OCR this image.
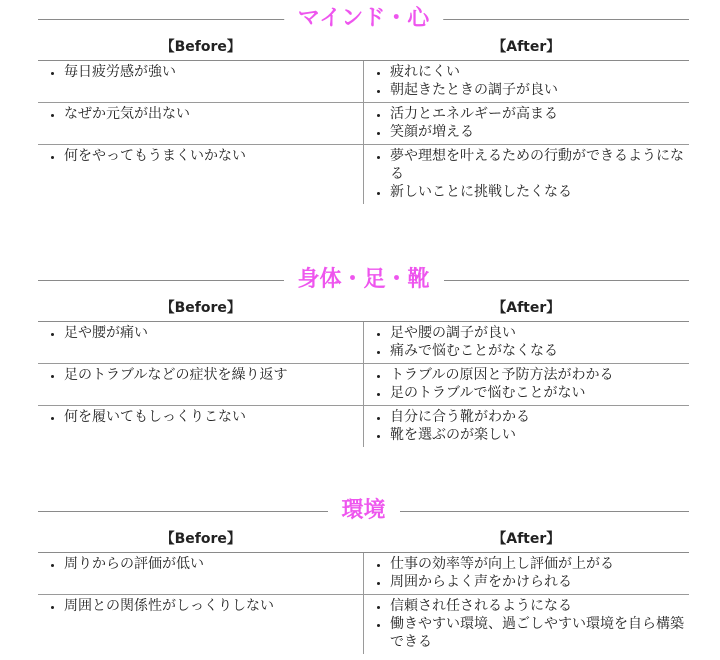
マインド・心
【Before】	【After】
• 毎日疲労感が強い	• 疲れにくい
• 朝起きたときの調子が良い
• なぜか元気が出ない	• 活力とエネルギーが高まる
• 笑顔が増える
• 何をやってもうまくいかない	• 夢や理想を叶えるための行動ができるようになる
• 新しいことに挑戦したくなる
身体・足・靴
【Before】	【After】
• 足や腰が痛い	• 足や腰の調子が良い
• 痛みで悩むことがなくなる
• 足のトラブルなどの症状を繰り返す	• トラブルの原因と予防方法がわかる
• 足のトラブルで悩むことがない
• 何を履いてもしっくりこない	• 自分に合う靴がわかる
• 靴を選ぶのが楽しい
環境
【Before】	【After】
• 周りからの評価が低い	• 仕事の効率等が向上し評価が上がる
• 周囲からよく声をかけられる
• 周囲との関係性がしっくりしない	• 信頼され任されるようになる
• 働きやすい環境、過ごしやすい環境を自ら構築できる
